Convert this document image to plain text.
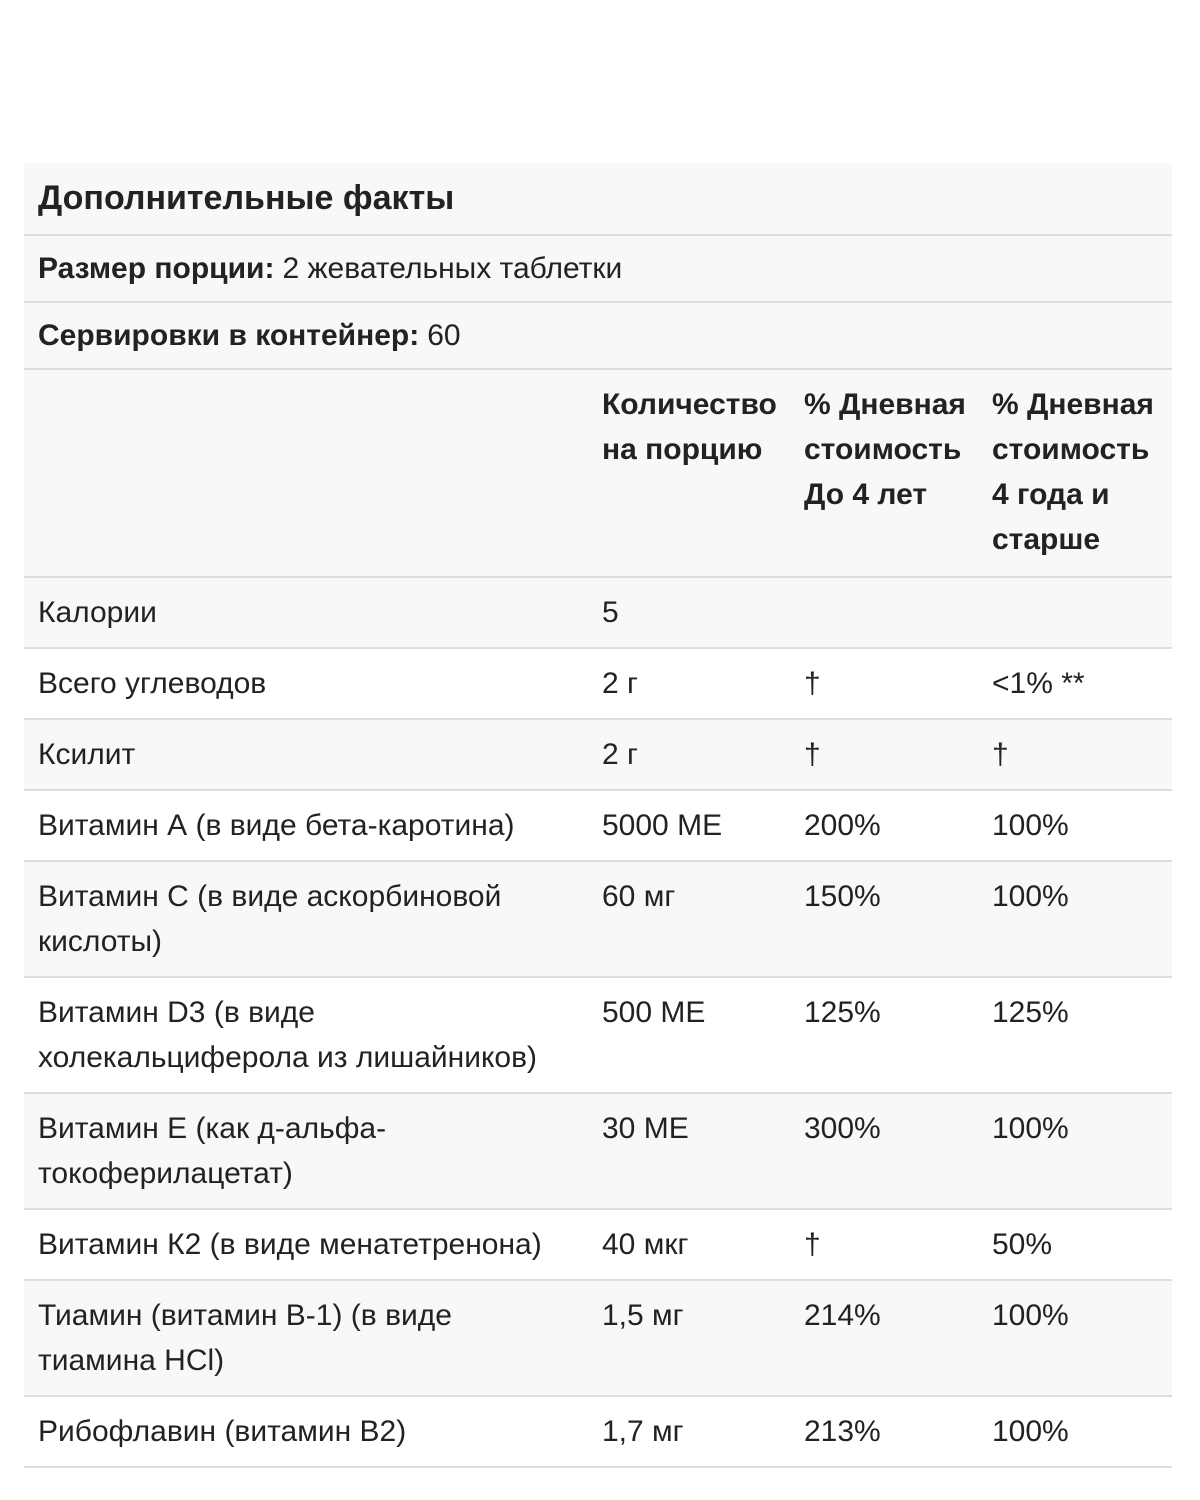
Дополнительные факты
Размер порции: 2 жевательных таблетки
Сервировки в контейнер: 60
	Количество на порцию	% Дневная стоимость До 4 лет	% Дневная стоимость 4 года и старше
Калории	5		
Всего углеводов	2 г	†	<1% **
Ксилит	2 г	†	†
Витамин А (в виде бета-каротина)	5000 МЕ	200%	100%
Витамин С (в виде аскорбиновой кислоты)	60 мг	150%	100%
Витамин D3 (в виде холекальциферола из лишайников)	500 МЕ	125%	125%
Витамин Е (как д-альфа-токоферилацетат)	30 МЕ	300%	100%
Витамин К2 (в виде менатетренона)	40 мкг	†	50%
Тиамин (витамин В-1) (в виде тиамина HCl)	1,5 мг	214%	100%
Рибофлавин (витамин В2)	1,7 мг	213%	100%
